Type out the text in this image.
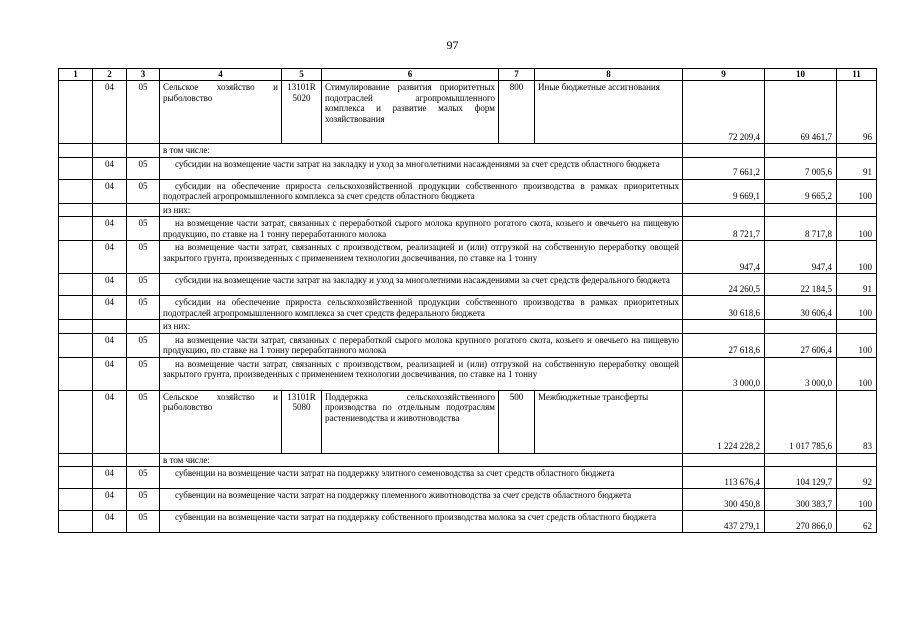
97
1	2	3	4	5	6	7	8	9	10	11
	04	05	Сельское хозяйство и рыболовство	13101R 5020	Стимулирование развития приоритетных подотраслей агропромышленного комплекса и развитие малых форм хозяйствования	800	Иные бюджетные ассигнования	72 209,4	69 461,7	96
			в том числе:							
	04	05	субсидии на возмещение части затрат на закладку и уход за многолетними насаждениями за счет средств областного бюджета					7 661,2	7 005,6	91
	04	05	субсидии на обеспечение прироста сельскохозяйственной продукции собственного производства в рамках приоритетных подотраслей агропромышленного комплекса за счет средств областного бюджета					9 669,1	9 665,2	100
			из них:							
	04	05	на возмещение части затрат, связанных с переработкой сырого молока крупного рогатого скота, козьего и овечьего на пищевую продукцию, по ставке на 1 тонну переработанного молока					8 721,7	8 717,8	100
	04	05	на возмещение части затрат, связанных с производством, реализацией и (или) отгрузкой на собственную переработку овощей закрытого грунта, произведенных с применением технологии досвечивания, по ставке на 1 тонну					947,4	947,4	100
	04	05	субсидии на возмещение части затрат на закладку и уход за многолетними насаждениями за счет средств федерального бюджета					24 260,5	22 184,5	91
	04	05	субсидии на обеспечение прироста сельскохозяйственной продукции собственного производства в рамках приоритетных подотраслей агропромышленного комплекса за счет средств федерального бюджета					30 618,6	30 606,4	100
			из них:							
	04	05	на возмещение части затрат, связанных с переработкой сырого молока крупного рогатого скота, козьего и овечьего на пищевую продукцию, по ставке на 1 тонну переработанного молока					27 618,6	27 606,4	100
	04	05	на возмещение части затрат, связанных с производством, реализацией и (или) отгрузкой на собственную переработку овощей закрытого грунта, произведенных с применением технологии досвечивания, по ставке на 1 тонну					3 000,0	3 000,0	100
	04	05	Сельское хозяйство и рыболовство	13101R 5080	Поддержка сельскохозяйственного производства по отдельным подотраслям растениеводства и животноводства	500	Межбюджетные трансферты	1 224 228,2	1 017 785,6	83
			в том числе:							
	04	05	субвенции на возмещение части затрат на поддержку элитного семеноводства за счет средств областного бюджета					113 676,4	104 129,7	92
	04	05	субвенции на возмещение части затрат на поддержку племенного животноводства за счет средств областного бюджета					300 450,8	300 383,7	100
	04	05	субвенции на возмещение части затрат на поддержку собственного производства молока за счет средств областного бюджета					437 279,1	270 866,0	62
